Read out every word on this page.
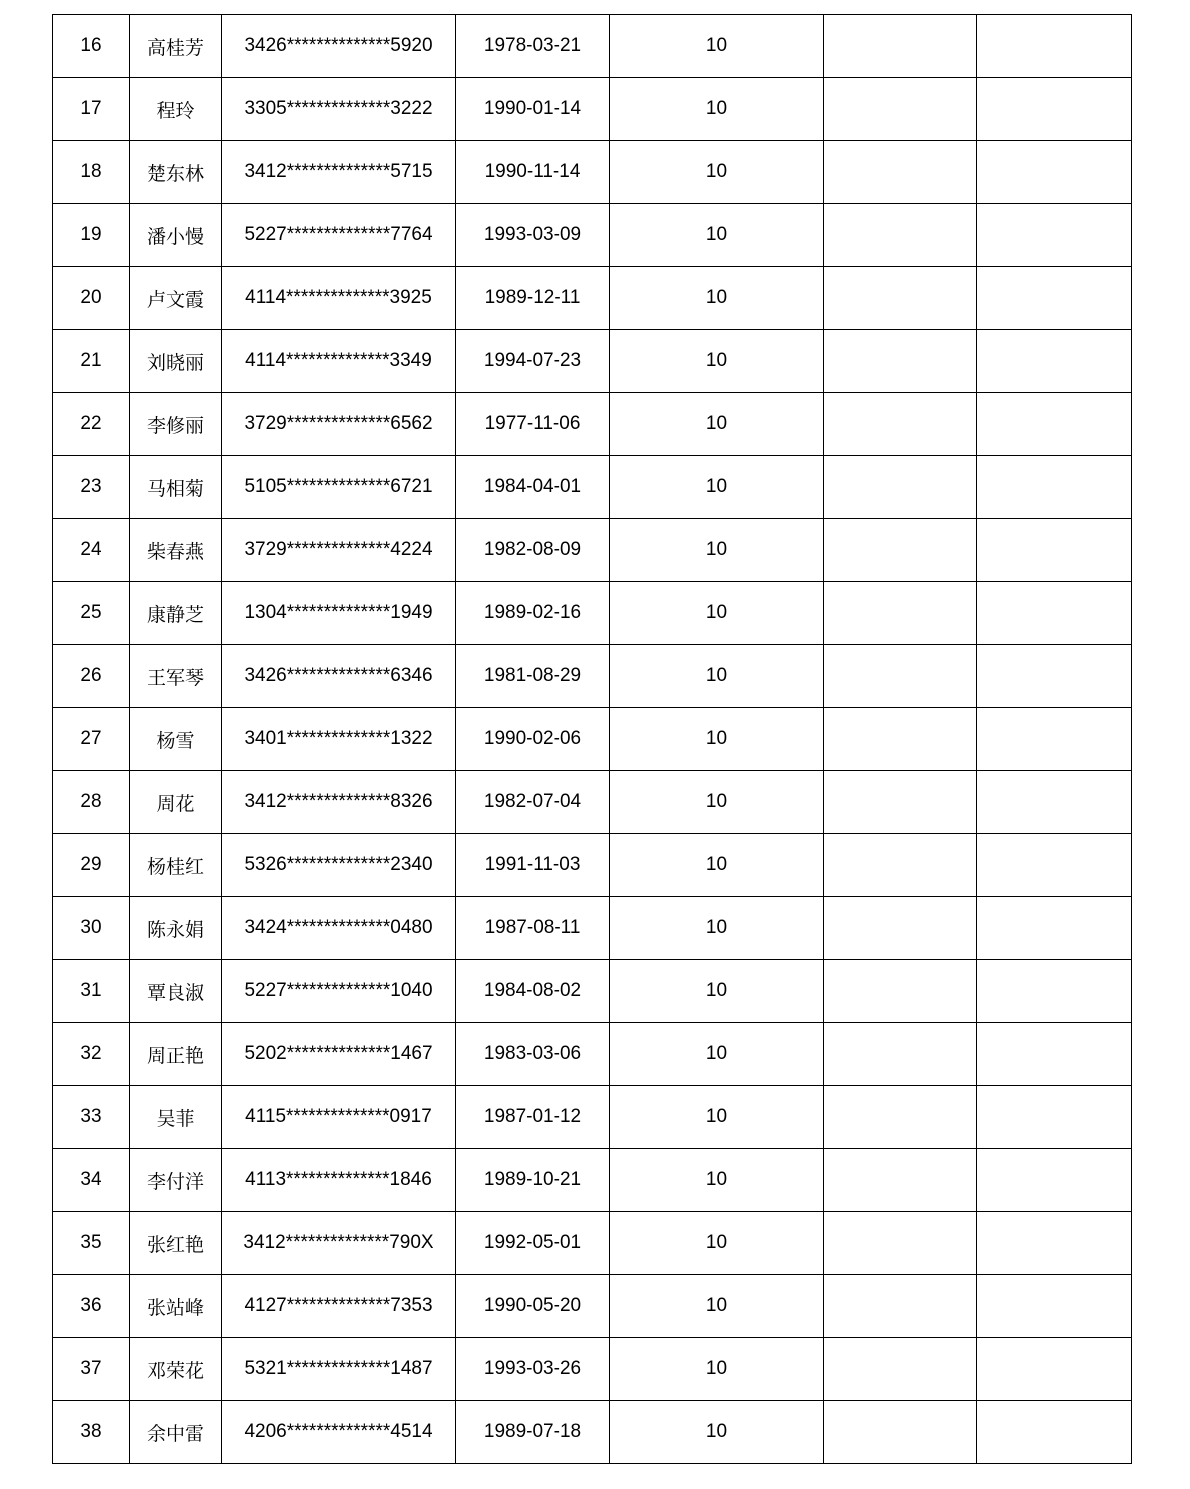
16	高桂芳	3426**************5920	1978-03-21	10		
17	程玲	3305**************3222	1990-01-14	10		
18	楚东林	3412**************5715	1990-11-14	10		
19	潘小慢	5227**************7764	1993-03-09	10		
20	卢文霞	4114**************3925	1989-12-11	10		
21	刘晓丽	4114**************3349	1994-07-23	10		
22	李修丽	3729**************6562	1977-11-06	10		
23	马相菊	5105**************6721	1984-04-01	10		
24	柴春燕	3729**************4224	1982-08-09	10		
25	康静芝	1304**************1949	1989-02-16	10		
26	王军琴	3426**************6346	1981-08-29	10		
27	杨雪	3401**************1322	1990-02-06	10		
28	周花	3412**************8326	1982-07-04	10		
29	杨桂红	5326**************2340	1991-11-03	10		
30	陈永娟	3424**************0480	1987-08-11	10		
31	覃良淑	5227**************1040	1984-08-02	10		
32	周正艳	5202**************1467	1983-03-06	10		
33	吴菲	4115**************0917	1987-01-12	10		
34	李付洋	4113**************1846	1989-10-21	10		
35	张红艳	3412**************790X	1992-05-01	10		
36	张站峰	4127**************7353	1990-05-20	10		
37	邓荣花	5321**************1487	1993-03-26	10		
38	余中雷	4206**************4514	1989-07-18	10		
